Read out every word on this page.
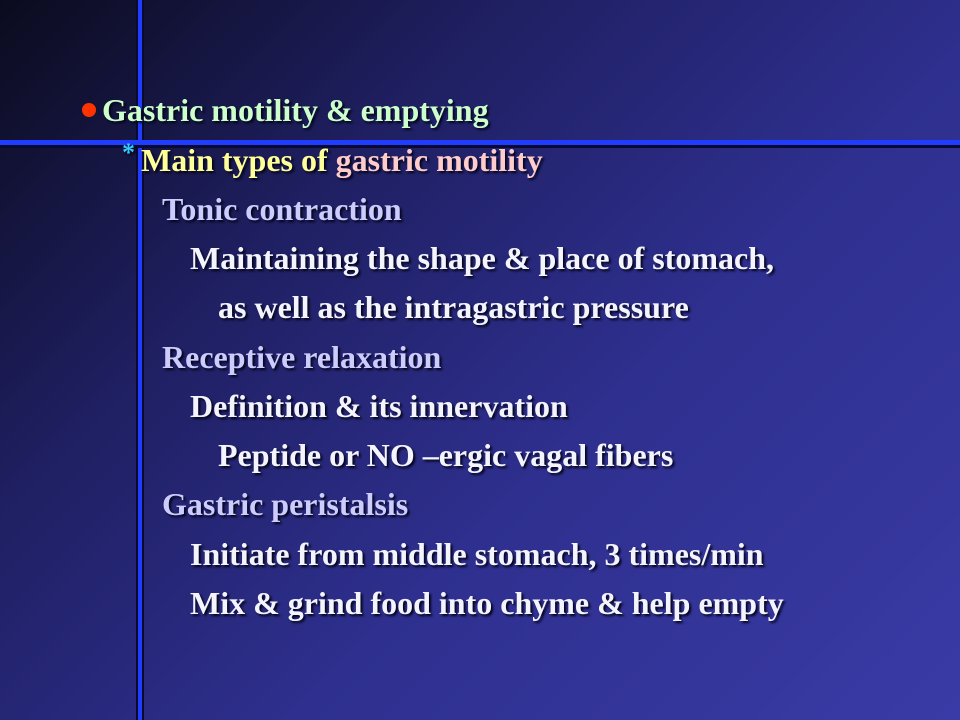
Gastric motility & emptying
* Main types of gastric motility
Tonic contraction
Maintaining the shape & place of stomach,
as well as the intragastric pressure
Receptive relaxation
Definition & its innervation
Peptide or NO –ergic vagal fibers
Gastric peristalsis
Initiate from middle stomach, 3 times/min
Mix & grind food into chyme & help empty
